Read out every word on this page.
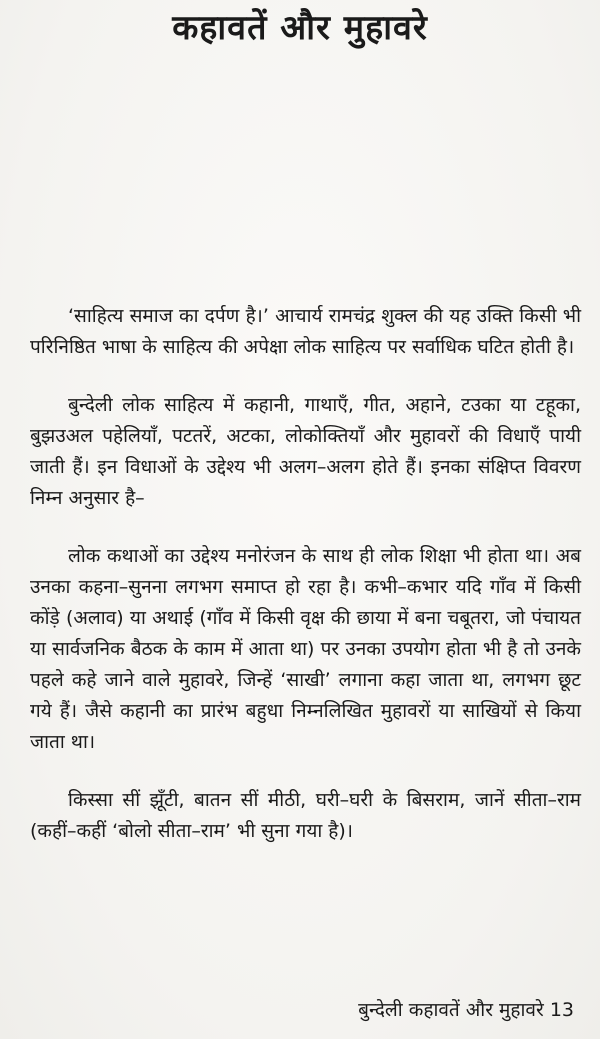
कहावतें और मुहावरे

‘साहित्य समाज का दर्पण है।’ आचार्य रामचंद्र शुक्ल की यह उक्ति किसी भी परिनिष्ठित भाषा के साहित्य की अपेक्षा लोक साहित्य पर सर्वाधिक घटित होती है।

बुन्देली लोक साहित्य में कहानी, गाथाएँ, गीत, अहाने, टउका या टहूका, बुझउअल पहेलियाँ, पटतरें, अटका, लोकोक्तियाँ और मुहावरों की विधाएँ पायी जाती हैं। इन विधाओं के उद्देश्य भी अलग–अलग होते हैं। इनका संक्षिप्त विवरण निम्न अनुसार है–

लोक कथाओं का उद्देश्य मनोरंजन के साथ ही लोक शिक्षा भी होता था। अब उनका कहना–सुनना लगभग समाप्त हो रहा है। कभी–कभार यदि गाँव में किसी कोंड़े (अलाव) या अथाई (गाँव में किसी वृक्ष की छाया में बना चबूतरा, जो पंचायत या सार्वजनिक बैठक के काम में आता था) पर उनका उपयोग होता भी है तो उनके पहले कहे जाने वाले मुहावरे, जिन्हें ‘साखी’ लगाना कहा जाता था, लगभग छूट गये हैं। जैसे कहानी का प्रारंभ बहुधा निम्नलिखित मुहावरों या साखियों से किया जाता था।

किस्सा सीं झूँटी, बातन सीं मीठी, घरी–घरी के बिसराम, जानें सीता–राम (कहीं–कहीं ‘बोलो सीता–राम’ भी सुना गया है)।

बुन्देली कहावतें और मुहावरे 13
